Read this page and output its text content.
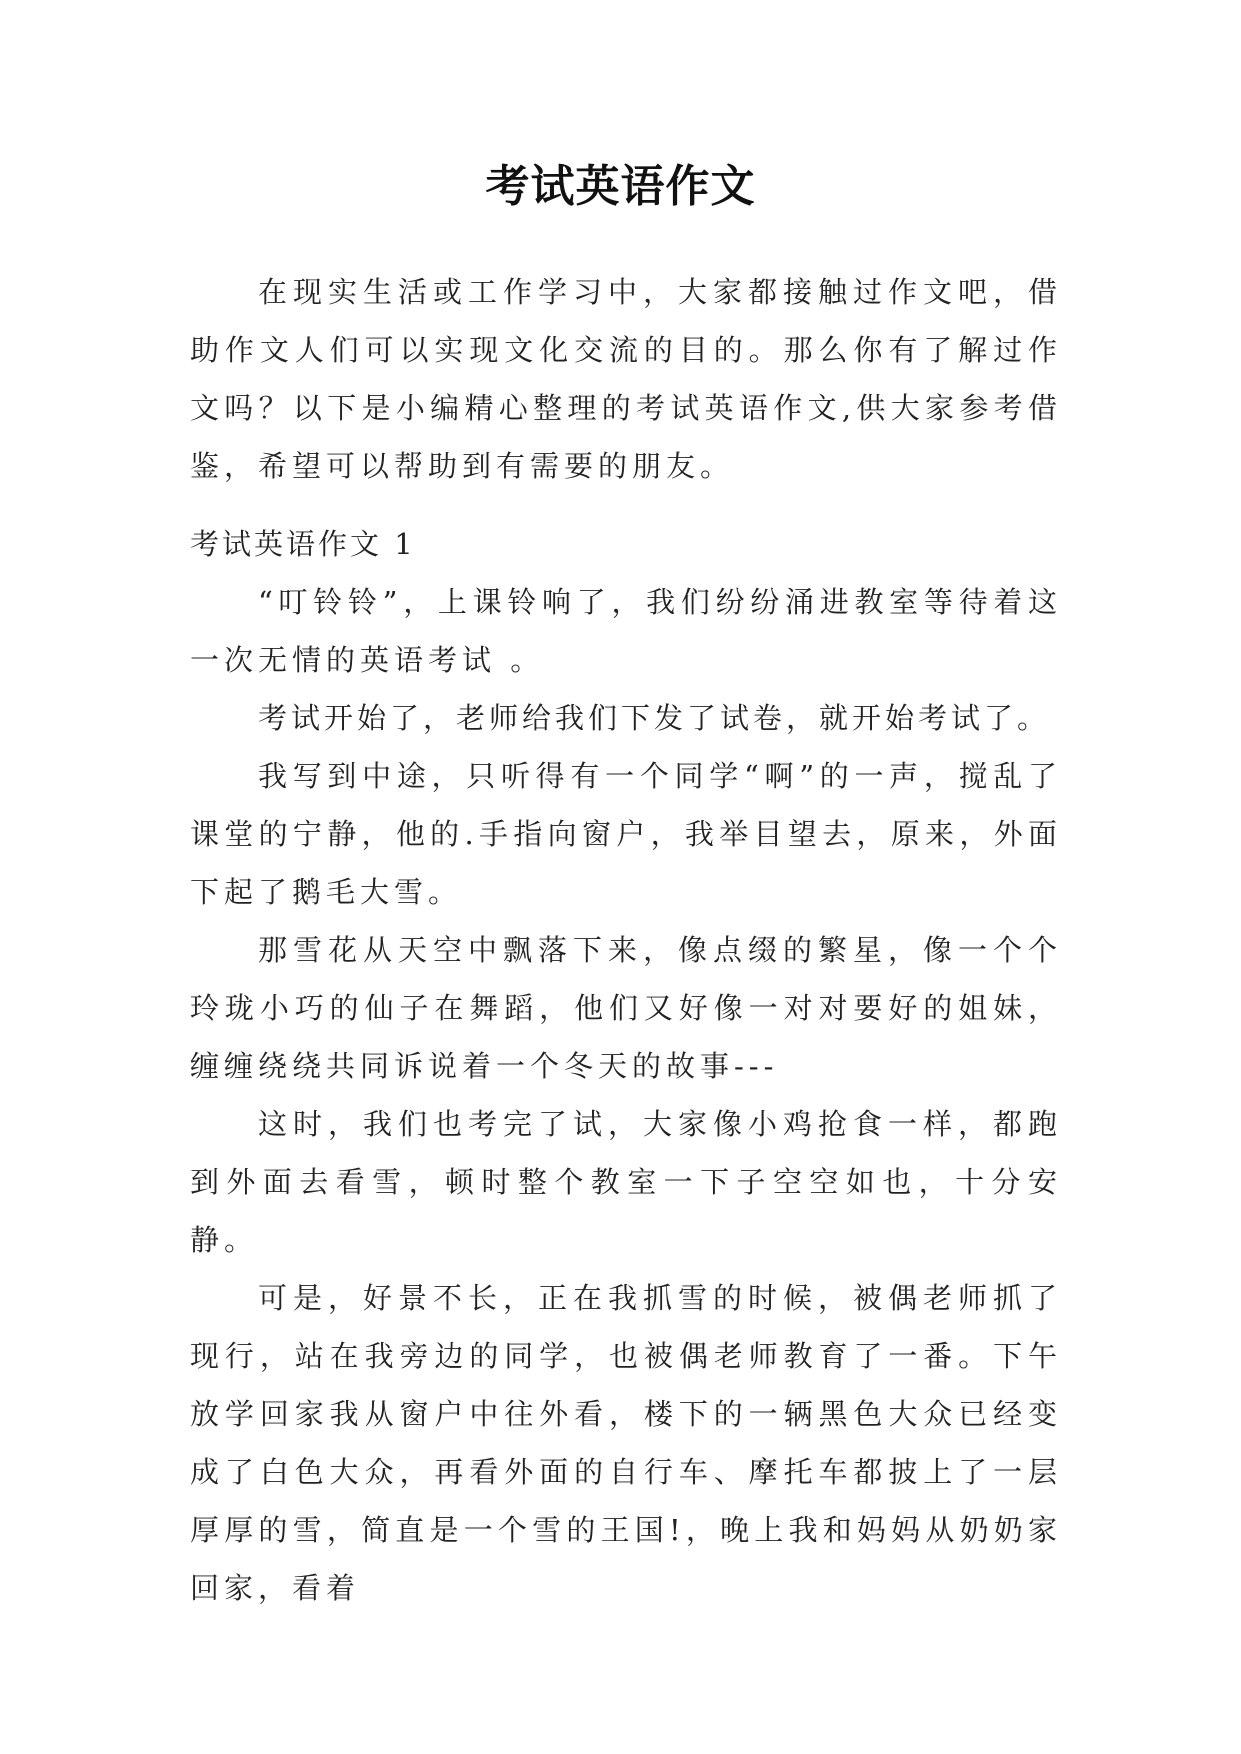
考试英语作文

在现实生活或工作学习中，大家都接触过作文吧，借助作文人们可以实现文化交流的目的。那么你有了解过作文吗？以下是小编精心整理的考试英语作文,供大家参考借鉴，希望可以帮助到有需要的朋友。

考试英语作文 1

“叮铃铃”，上课铃响了，我们纷纷涌进教室等待着这一次无情的英语考试 。

考试开始了，老师给我们下发了试卷，就开始考试了。

我写到中途，只听得有一个同学“啊”的一声，搅乱了课堂的宁静，他的.手指向窗户，我举目望去，原来，外面下起了鹅毛大雪。

那雪花从天空中飘落下来，像点缀的繁星，像一个个玲珑小巧的仙子在舞蹈，他们又好像一对对要好的姐妹，缠缠绕绕共同诉说着一个冬天的故事---

这时，我们也考完了试，大家像小鸡抢食一样，都跑到外面去看雪，顿时整个教室一下子空空如也，十分安静。

可是，好景不长，正在我抓雪的时候，被偶老师抓了现行，站在我旁边的同学，也被偶老师教育了一番。下午放学回家我从窗户中往外看，楼下的一辆黑色大众已经变成了白色大众，再看外面的自行车、摩托车都披上了一层厚厚的雪，简直是一个雪的王国!，晚上我和妈妈从奶奶家回家，看着
